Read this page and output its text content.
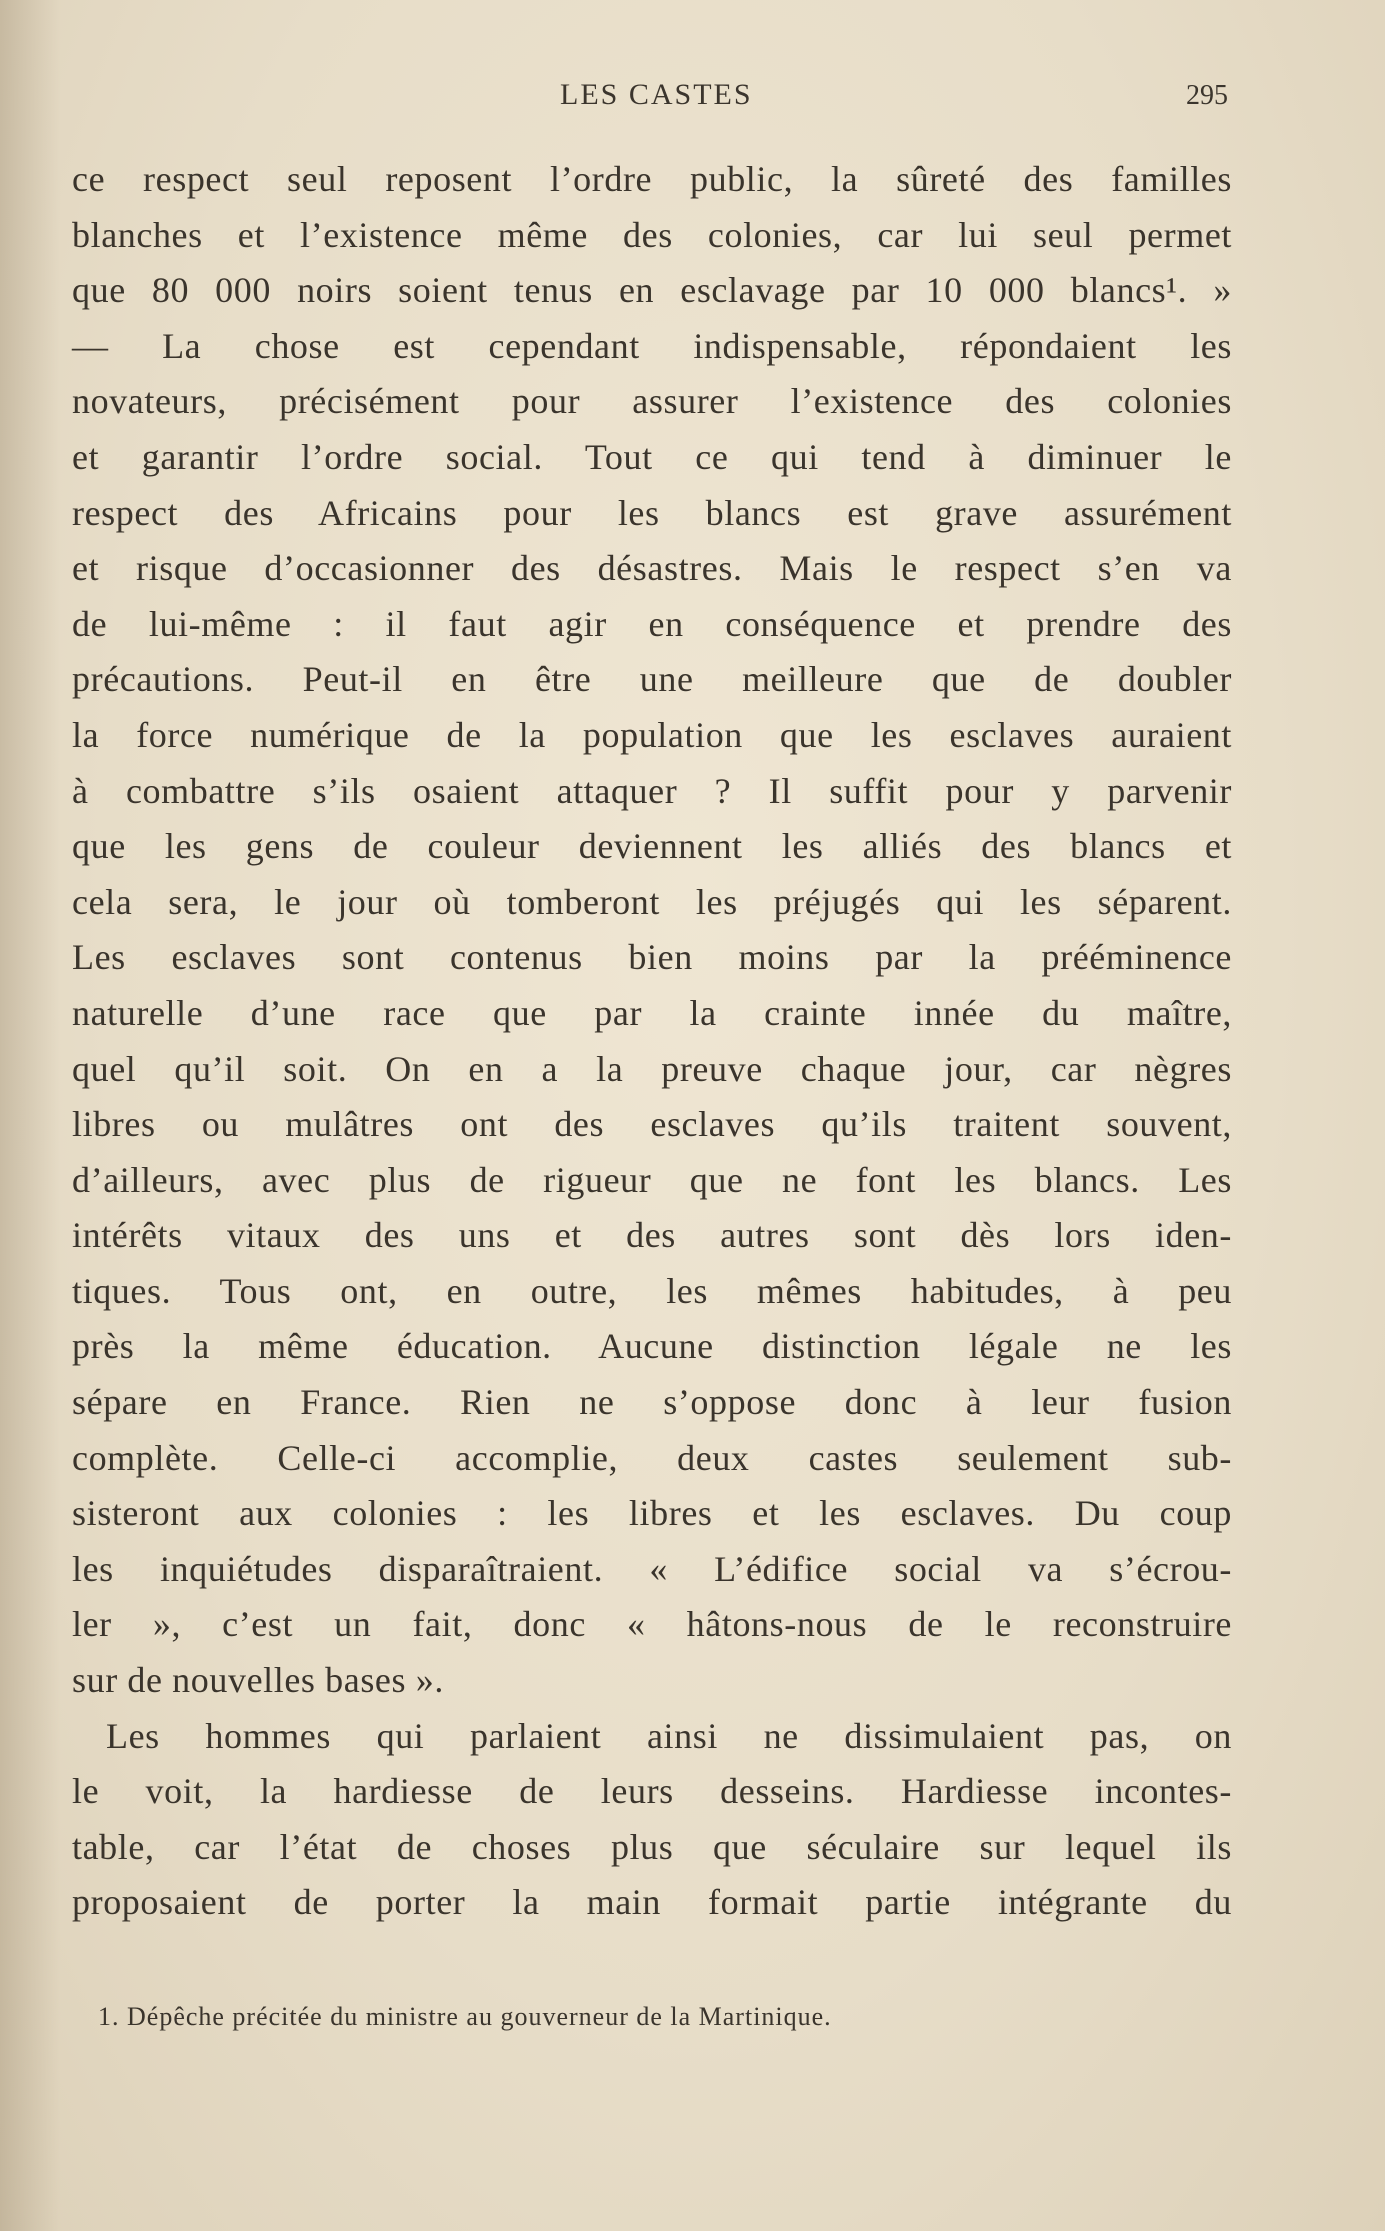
LES CASTES	295
ce respect seul reposent l’ordre public, la sûreté des familles
blanches et l’existence même des colonies, car lui seul permet
que 80 000 noirs soient tenus en esclavage par 10 000 blancs¹. »
— La chose est cependant indispensable, répondaient les
novateurs, précisément pour assurer l’existence des colonies
et garantir l’ordre social. Tout ce qui tend à diminuer le
respect des Africains pour les blancs est grave assurément
et risque d’occasionner des désastres. Mais le respect s’en va
de lui-même : il faut agir en conséquence et prendre des
précautions. Peut-il en être une meilleure que de doubler
la force numérique de la population que les esclaves auraient
à combattre s’ils osaient attaquer ? Il suffit pour y parvenir
que les gens de couleur deviennent les alliés des blancs et
cela sera, le jour où tomberont les préjugés qui les séparent.
Les esclaves sont contenus bien moins par la prééminence
naturelle d’une race que par la crainte innée du maître,
quel qu’il soit. On en a la preuve chaque jour, car nègres
libres ou mulâtres ont des esclaves qu’ils traitent souvent,
d’ailleurs, avec plus de rigueur que ne font les blancs. Les
intérêts vitaux des uns et des autres sont dès lors iden-
tiques. Tous ont, en outre, les mêmes habitudes, à peu
près la même éducation. Aucune distinction légale ne les
sépare en France. Rien ne s’oppose donc à leur fusion
complète. Celle-ci accomplie, deux castes seulement sub-
sisteront aux colonies : les libres et les esclaves. Du coup
les inquiétudes disparaîtraient. « L’édifice social va s’écrou-
ler », c’est un fait, donc « hâtons-nous de le reconstruire
sur de nouvelles bases ».
Les hommes qui parlaient ainsi ne dissimulaient pas, on
le voit, la hardiesse de leurs desseins. Hardiesse incontes-
table, car l’état de choses plus que séculaire sur lequel ils
proposaient de porter la main formait partie intégrante du
1. Dépêche précitée du ministre au gouverneur de la Martinique.
